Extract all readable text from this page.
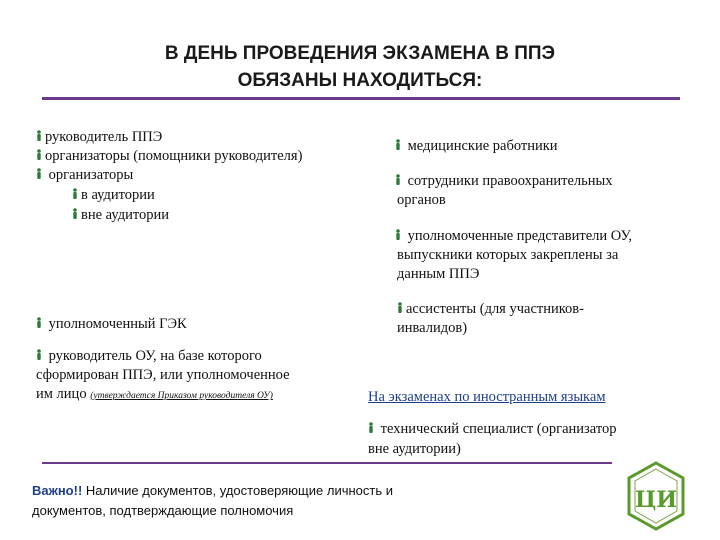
В ДЕНЬ ПРОВЕДЕНИЯ ЭКЗАМЕНА В ППЭ
ОБЯЗАНЫ НАХОДИТЬСЯ:
руководитель ППЭ
организаторы (помощники руководителя)
организаторы
в аудитории
вне аудитории
уполномоченный ГЭК
руководитель ОУ, на базе которого
сформирован ППЭ, или уполномоченное
им лицо (утверждается Приказом руководителя ОУ)
медицинские работники
сотрудники правоохранительных
органов
уполномоченные представители ОУ,
выпускники которых закреплены за
данным ППЭ
ассистенты (для участников-
инвалидов)
На экзаменах по иностранным языкам
технический специалист (организатор
вне аудитории)
Важно!! Наличие документов, удостоверяющие личность и
документов, подтверждающие полномочия	ЦИ
